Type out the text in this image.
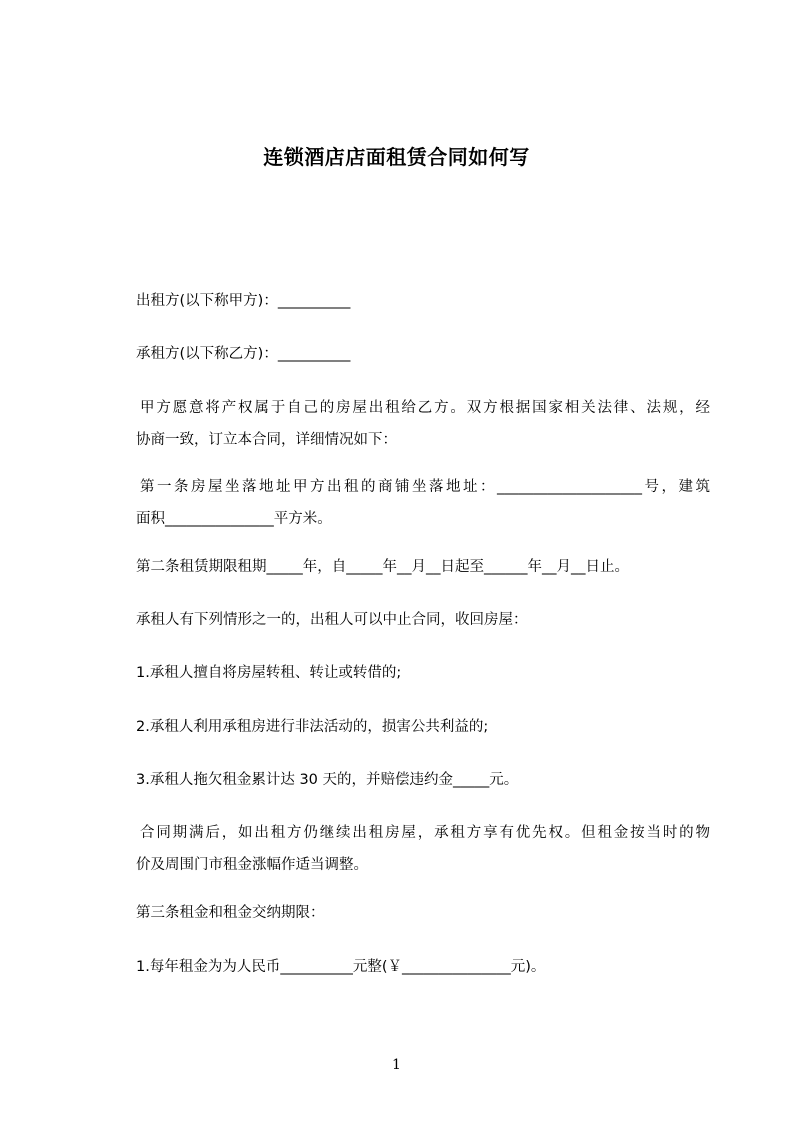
连锁酒店店面租赁合同如何写
出租方(以下称甲方)：__________
承租方(以下称乙方)：__________
甲方愿意将产权属于自己的房屋出租给乙方。双方根据国家相关法律、法规，经
协商一致，订立本合同，详细情况如下：
第一条房屋坐落地址甲方出租的商铺坐落地址：____________________号，建筑
面积_______________平方米。
第二条租赁期限租期_____年，自_____年__月__日起至______年__月__日止。
承租人有下列情形之一的，出租人可以中止合同，收回房屋：
1.承租人擅自将房屋转租、转让或转借的;
2.承租人利用承租房进行非法活动的，损害公共利益的;
3.承租人拖欠租金累计达 30 天的，并赔偿违约金_____元。
合同期满后，如出租方仍继续出租房屋，承租方享有优先权。但租金按当时的物
价及周围门市租金涨幅作适当调整。
第三条租金和租金交纳期限：
1.每年租金为为人民币__________元整(￥_______________元)。
1
